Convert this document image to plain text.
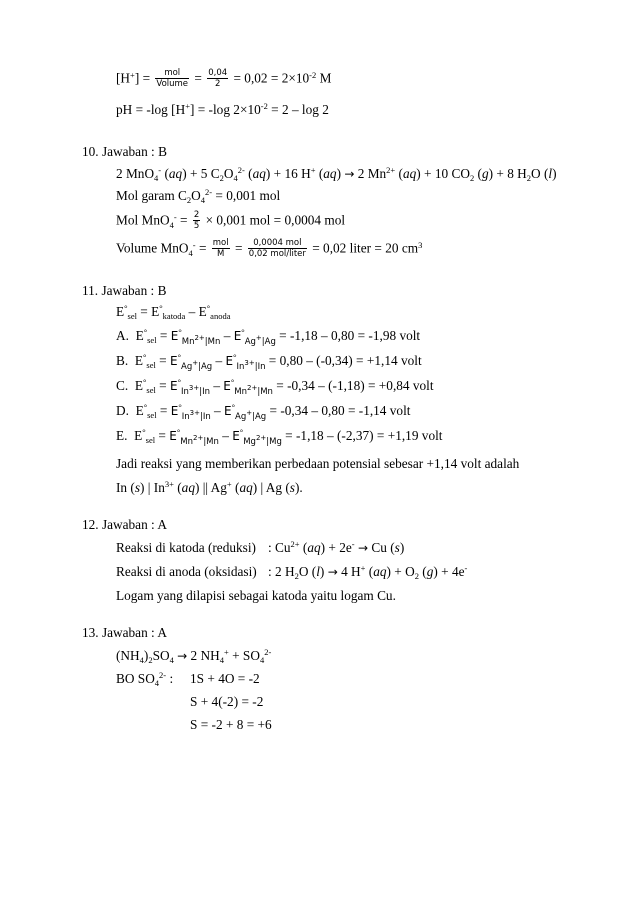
$[H^+] = \frac{\text{mol}}{\text{Volume}} = \frac{0,04}{2} = 0,02 = 2\times 10^{-2}$ M
pH = -log [H+] = -log $2\times 10^{-2} = 2 - \log 2$
10. Jawaban : B
2 MnO$_4$- (aq) + 5 $C_2O_4^{2-}$ (aq) + 16 H+ (aq) → 2 $Mn^{2+}$ (aq) + 10 $CO_2$ (g) + 8 $H_2O$ (l)
Mol garam $C_2O_4^{2-} = 0,001$ mol
Mol $MnO_4^- = \frac{2}{5} \times 0,001$ mol = 0,0004 mol
Volume $MnO_4^- = \frac{\text{mol}}{M} = \frac{\text{0,0004 mol}}{\text{0,02 mol/liter}} = 0,02$ liter = 20 $cm^3$
11. Jawaban : B
$E^\circ_{sel} = E^\circ_{katoda} - E^\circ_{anoda}$
A. $E^\circ_{sel} = E^\circ_{Mn^{2+}|Mn} - E^\circ_{Ag^+|Ag} = -1,18 - 0,80 = -1,98$ volt
B. $E^\circ_{sel} = E^\circ_{Ag^+|Ag} - E^\circ_{In^{3+}|In} = 0,80 - (-0,34) = +1,14$ volt
C. $E^\circ_{sel} = E^\circ_{In^{3+}|In} - E^\circ_{Mn^{2+}|Mn} = -0,34 - (-1,18) = +0,84$ volt
D. $E^\circ_{sel} = E^\circ_{In^{3+}|In} - E^\circ_{Ag^+|Ag} = -0,34 - 0,80 = -1,14$ volt
E. $E^\circ_{sel} = E^\circ_{Mn^{2+}|Mn} - E^\circ_{Mg^{2+}|Mg} = -1,18 - (-2,37) = +1,19$ volt
Jadi reaksi yang memberikan perbedaan potensial sebesar +1,14 volt adalah
In (s) | $In^{3+}$ (aq) || Ag+ (aq) | Ag (s).
12. Jawaban : A
Reaksi di katoda (reduksi) : $Cu^{2+}$ (aq) + 2e- → Cu (s)
Reaksi di anoda (oksidasi) : 2 $H_2O$ (l) → 4 H+ $(aq) + O_2$ (g) + 4e-
Logam yang dilapisi sebagai katoda yaitu logam Cu.
13. Jawaban : A
$(NH_4)_2SO_4 \to 2$ $NH_4^+ + SO_4^{2-}$
BO $SO_4^{2-}$ : 1S + 4O = -2
S + 4(-2) = -2
S = -2 + 8 = +6
